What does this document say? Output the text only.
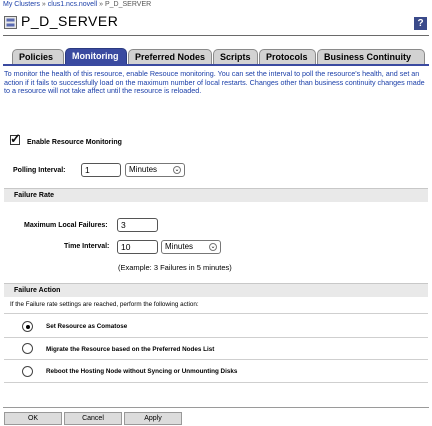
My Clusters » clus1.ncs.novell » P_D_SERVER
P_D_SERVER	?
Policies	Monitoring	Preferred Nodes	Scripts	Protocols	Business Continuity
To monitor the health of this resource, enable Resouce monitoring. You can set the interval to poll the resource's health, and set an action if it fails to successfully load on the maximum number of local restarts. Changes other than business continuity changes made to a resource will not take affect until the resource is reloaded.
✓
Enable Resource Monitoring
Polling Interval:	1	Minutes	⌄
Failure Rate
Maximum Local Failures:	3
Time Interval:	10	Minutes	⌄
(Example: 3 Failures in 5 minutes)
Failure Action
If the Failure rate settings are reached, perform the following action:
Set Resource as Comatose
Migrate the Resource based on the Preferred Nodes List
Reboot the Hosting Node without Syncing or Unmounting Disks
OK	Cancel	Apply
